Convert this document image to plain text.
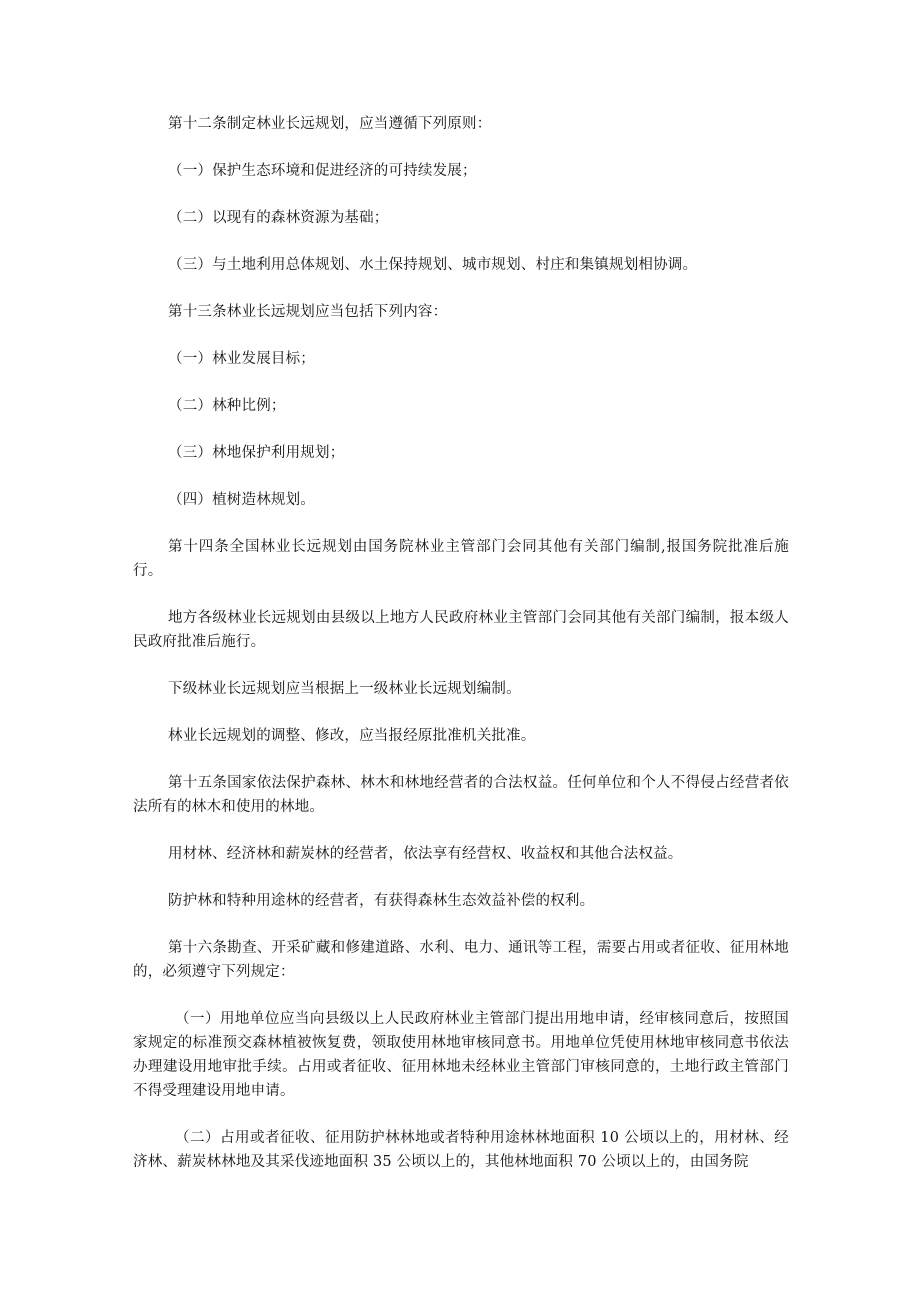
第十二条制定林业长远规划，应当遵循下列原则：

（一）保护生态环境和促进经济的可持续发展；

（二）以现有的森林资源为基础；

（三）与土地利用总体规划、水土保持规划、城市规划、村庄和集镇规划相协调。

第十三条林业长远规划应当包括下列内容：

（一）林业发展目标；

（二）林种比例；

（三）林地保护利用规划；

（四）植树造林规划。

第十四条全国林业长远规划由国务院林业主管部门会同其他有关部门编制,报国务院批准后施行。

地方各级林业长远规划由县级以上地方人民政府林业主管部门会同其他有关部门编制，报本级人民政府批准后施行。

下级林业长远规划应当根据上一级林业长远规划编制。

林业长远规划的调整、修改，应当报经原批准机关批准。

第十五条国家依法保护森林、林木和林地经营者的合法权益。任何单位和个人不得侵占经营者依法所有的林木和使用的林地。

用材林、经济林和薪炭林的经营者，依法享有经营权、收益权和其他合法权益。

防护林和特种用途林的经营者，有获得森林生态效益补偿的权利。

第十六条勘查、开采矿藏和修建道路、水利、电力、通讯等工程，需要占用或者征收、征用林地的，必须遵守下列规定：

（一）用地单位应当向县级以上人民政府林业主管部门提出用地申请，经审核同意后，按照国家规定的标准预交森林植被恢复费，领取使用林地审核同意书。用地单位凭使用林地审核同意书依法办理建设用地审批手续。占用或者征收、征用林地未经林业主管部门审核同意的，土地行政主管部门不得受理建设用地申请。

（二）占用或者征收、征用防护林林地或者特种用途林林地面积 10 公顷以上的，用材林、经济林、薪炭林林地及其采伐迹地面积 35 公顷以上的，其他林地面积 70 公顷以上的，由国务院
